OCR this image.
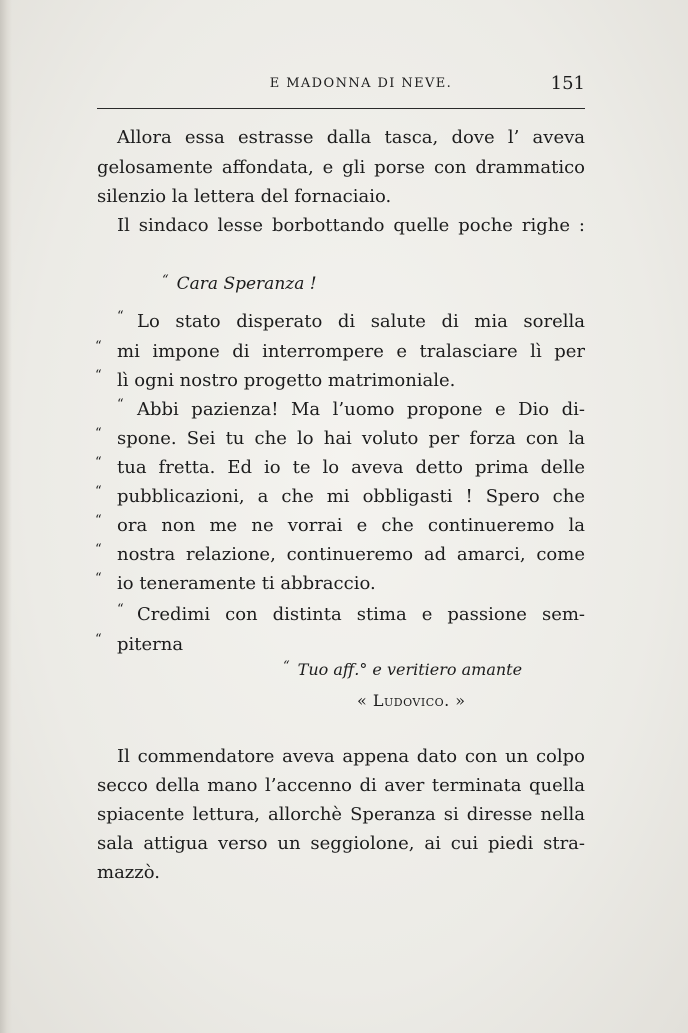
E MADONNA DI NEVE.	151
Allora essa estrasse dalla tasca, dove l’ aveva
gelosamente affondata, e gli porse con drammatico
silenzio la lettera del fornaciaio.
Il sindaco lesse borbottando quelle poche righe :
“ Cara Speranza !
“ Lo stato disperato di salute di mia sorella
“ mi impone di interrompere e tralasciare lì per
“ lì ogni nostro progetto matrimoniale.
“ Abbi pazienza! Ma l’uomo propone e Dio di-
“ spone. Sei tu che lo hai voluto per forza con la
“ tua fretta. Ed io te lo aveva detto prima delle
“ pubblicazioni, a che mi obbligasti ! Spero che
“ ora non me ne vorrai e che continueremo la
“ nostra relazione, continueremo ad amarci, come
“ io teneramente ti abbraccio.
“ Credimi con distinta stima e passione sem-
“ piterna
“ Tuo aff.° e veritiero amante
« Ludovico. »
Il commendatore aveva appena dato con un colpo
secco della mano l’accenno di aver terminata quella
spiacente lettura, allorchè Speranza si diresse nella
sala attigua verso un seggiolone, ai cui piedi stra-
mazzò.
